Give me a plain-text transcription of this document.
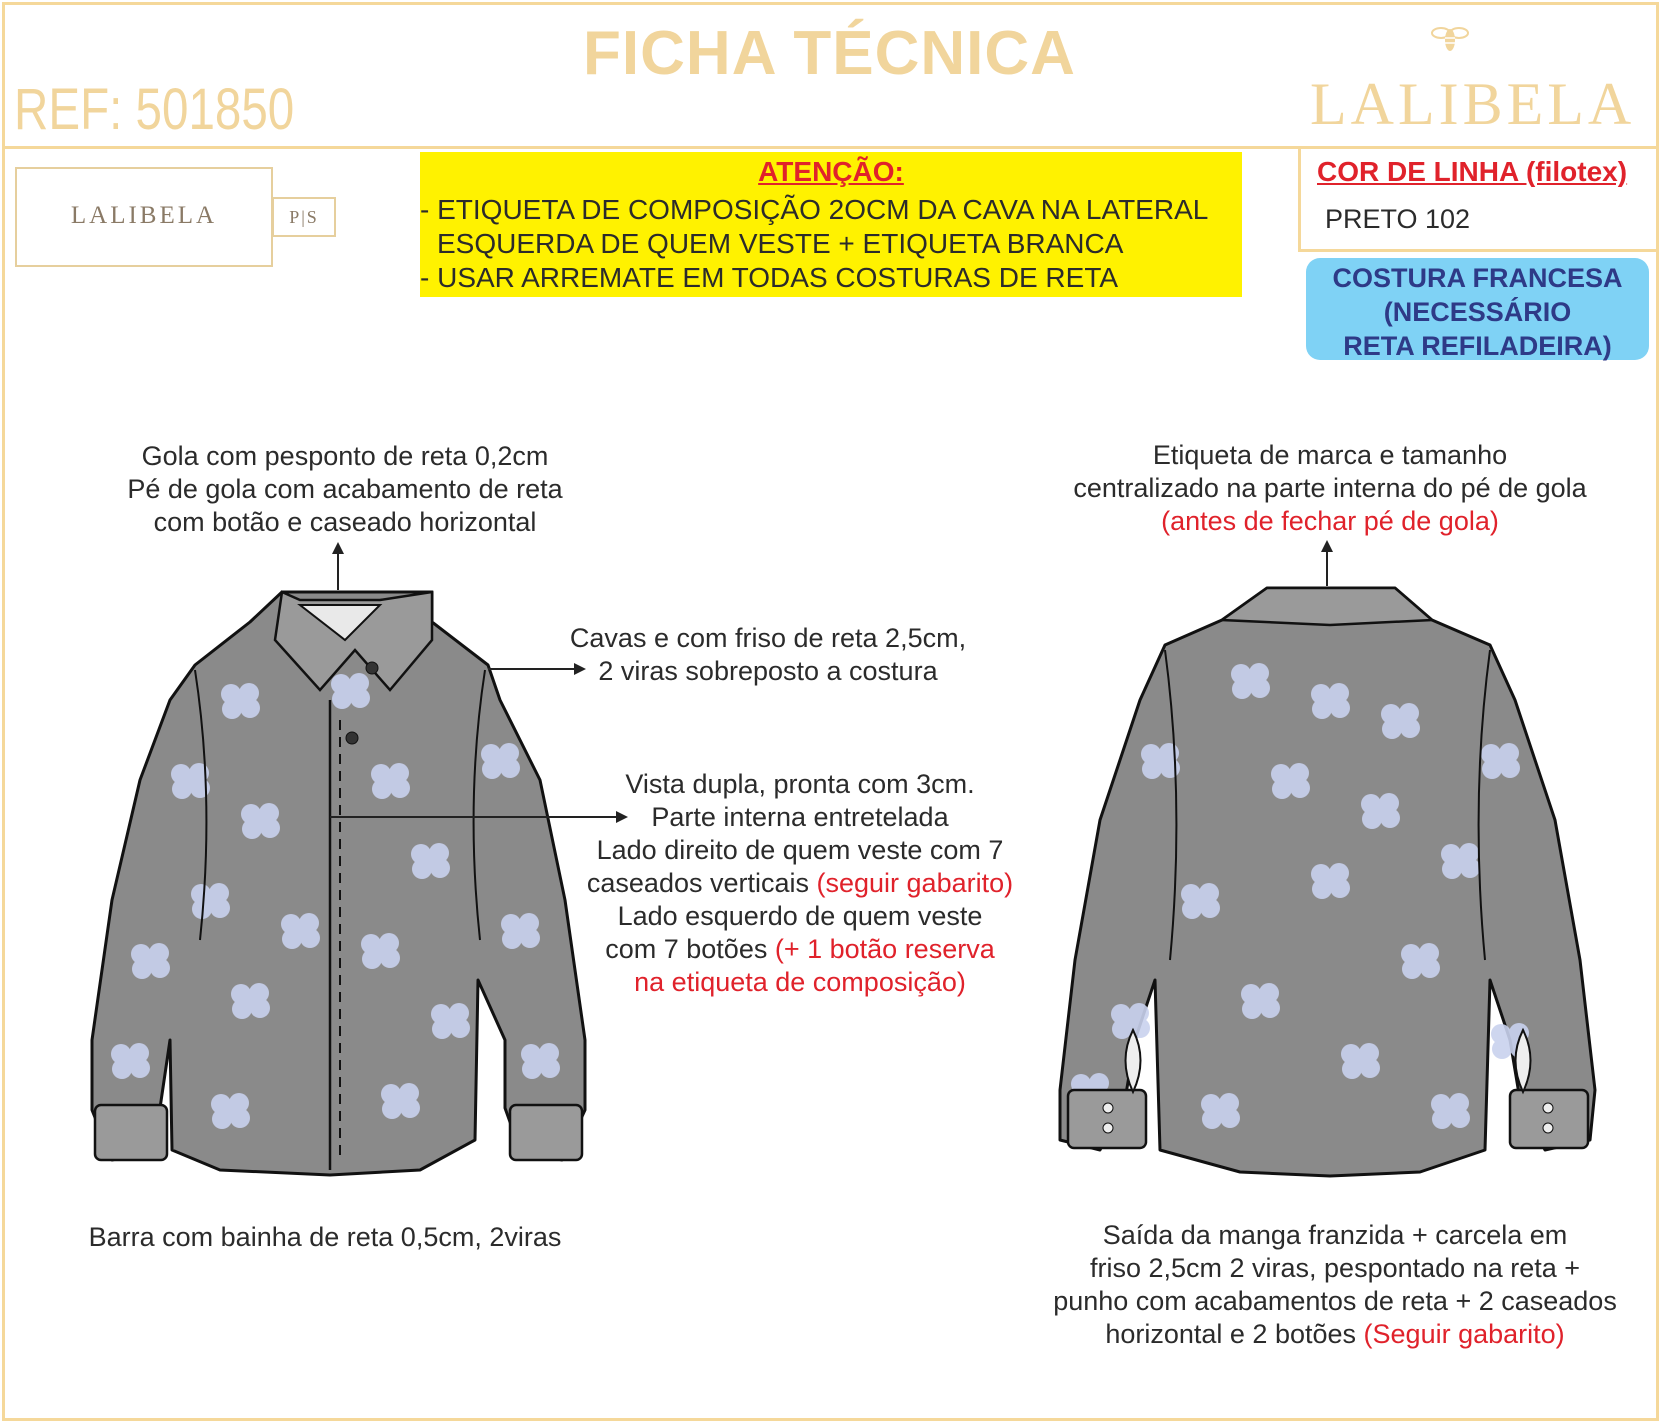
FICHA TÉCNICA
REF: 501850	LALIBELA
LALIBELA	P|S
ATENÇÃO:
- ETIQUETA DE COMPOSIÇÃO 2OCM DA CAVA NA LATERAL
ESQUERDA DE QUEM VESTE + ETIQUETA BRANCA
- USAR ARREMATE EM TODAS COSTURAS DE RETA
COR DE LINHA (filotex)
PRETO 102
COSTURA FRANCESA
(NECESSÁRIO
RETA REFILADEIRA)
Gola com pesponto de reta 0,2cm
Pé de gola com acabamento de reta
com botão e caseado horizontal
Cavas e com friso de reta 2,5cm,
2 viras sobreposto a costura
Vista dupla, pronta com 3cm.
Parte interna entretelada
Lado direito de quem veste com 7
caseados verticais (seguir gabarito)
Lado esquerdo de quem veste
com 7 botões (+ 1 botão reserva
na etiqueta de composição)
Barra com bainha de reta 0,5cm, 2viras
Etiqueta de marca e tamanho
centralizado na parte interna do pé de gola
(antes de fechar pé de gola)
Saída da manga franzida + carcela em
friso 2,5cm 2 viras, pespontado na reta +
punho com acabamentos de reta + 2 caseados
horizontal e 2 botões (Seguir gabarito)
